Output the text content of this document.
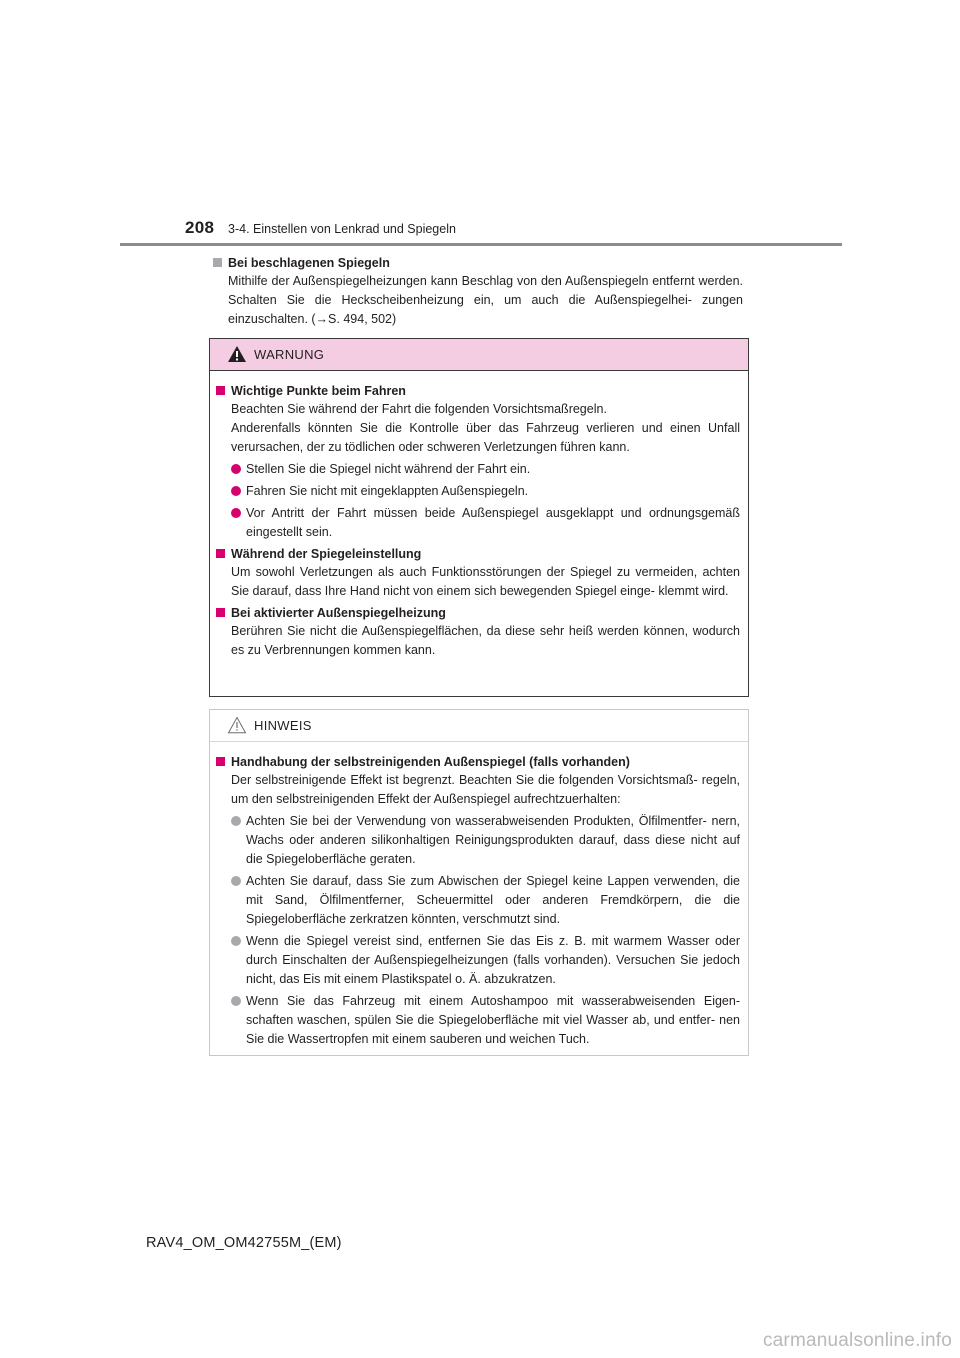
208 3-4. Einstellen von Lenkrad und Spiegeln

Bei beschlagenen Spiegeln

Mithilfe der Außenspiegelheizungen kann Beschlag von den Außenspiegeln entfernt werden. Schalten Sie die Heckscheibenheizung ein, um auch die Außenspiegelhei- zungen einzuschalten. (→S. 494, 502)

WARNUNG

Wichtige Punkte beim Fahren

Beachten Sie während der Fahrt die folgenden Vorsichtsmaßregeln.

Anderenfalls könnten Sie die Kontrolle über das Fahrzeug verlieren und einen Unfall verursachen, der zu tödlichen oder schweren Verletzungen führen kann.

Stellen Sie die Spiegel nicht während der Fahrt ein.
Fahren Sie nicht mit eingeklappten Außenspiegeln.
Vor Antritt der Fahrt müssen beide Außenspiegel ausgeklappt und ordnungsgemäß eingestellt sein.

Während der Spiegeleinstellung

Um sowohl Verletzungen als auch Funktionsstörungen der Spiegel zu vermeiden, achten Sie darauf, dass Ihre Hand nicht von einem sich bewegenden Spiegel einge- klemmt wird.

Bei aktivierter Außenspiegelheizung

Berühren Sie nicht die Außenspiegelflächen, da diese sehr heiß werden können, wodurch es zu Verbrennungen kommen kann.

HINWEIS

Handhabung der selbstreinigenden Außenspiegel (falls vorhanden)

Der selbstreinigende Effekt ist begrenzt. Beachten Sie die folgenden Vorsichtsmaß- regeln, um den selbstreinigenden Effekt der Außenspiegel aufrechtzuerhalten:

Achten Sie bei der Verwendung von wasserabweisenden Produkten, Ölfilmentfer- nern, Wachs oder anderen silikonhaltigen Reinigungsprodukten darauf, dass diese nicht auf die Spiegeloberfläche geraten.
Achten Sie darauf, dass Sie zum Abwischen der Spiegel keine Lappen verwenden, die mit Sand, Ölfilmentferner, Scheuermittel oder anderen Fremdkörpern, die die Spiegeloberfläche zerkratzen könnten, verschmutzt sind.
Wenn die Spiegel vereist sind, entfernen Sie das Eis z. B. mit warmem Wasser oder durch Einschalten der Außenspiegelheizungen (falls vorhanden). Versuchen Sie jedoch nicht, das Eis mit einem Plastikspatel o. Ä. abzukratzen.
Wenn Sie das Fahrzeug mit einem Autoshampoo mit wasserabweisenden Eigen- schaften waschen, spülen Sie die Spiegeloberfläche mit viel Wasser ab, und entfer- nen Sie die Wassertropfen mit einem sauberen und weichen Tuch.
RAV4_OM_OM42755M_(EM)
carmanualsonline.info
